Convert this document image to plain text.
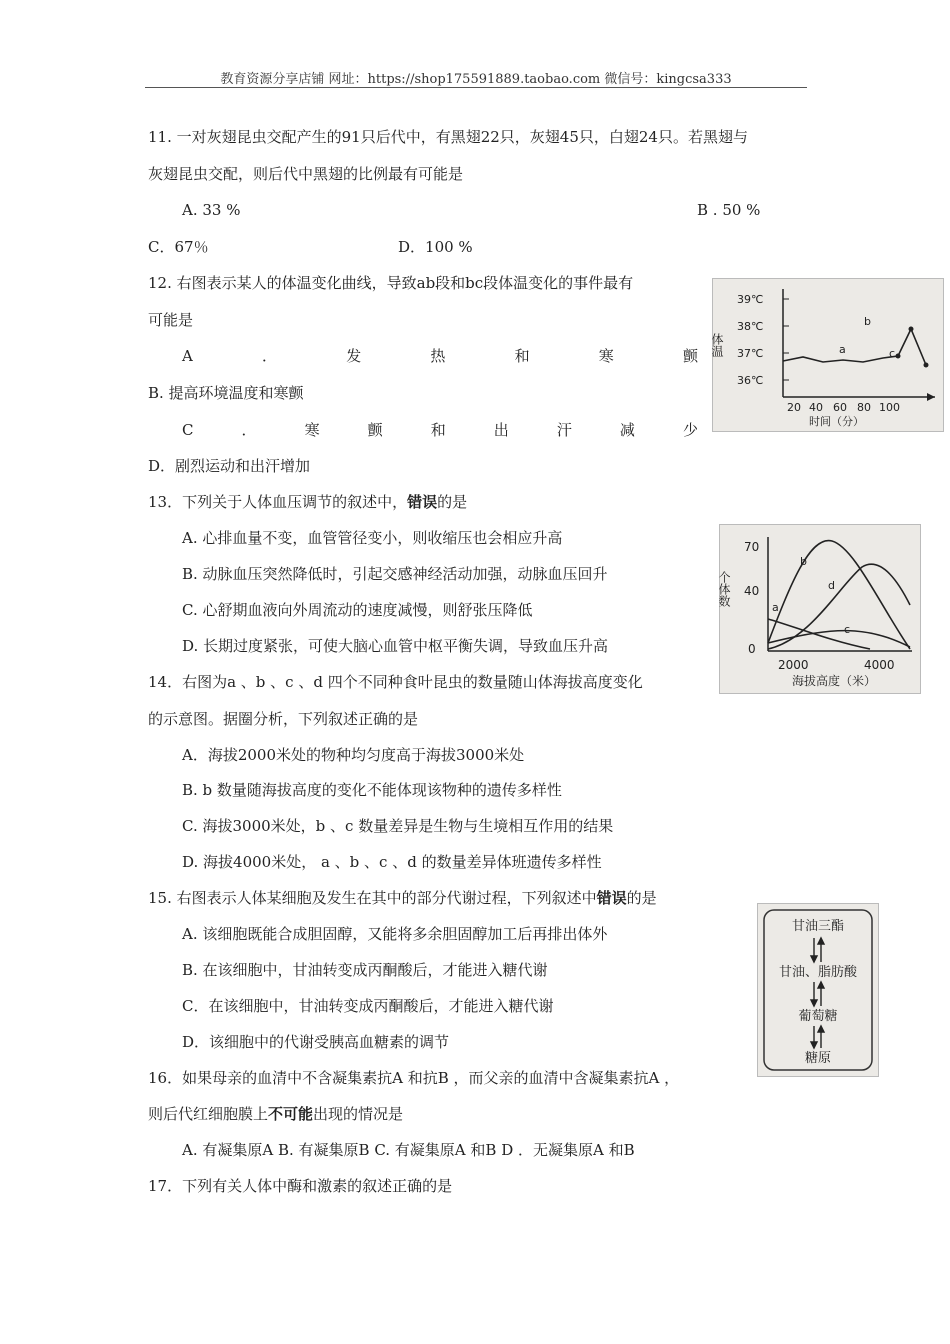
教育资源分享店铺 网址：https://shop175591889.taobao.com 微信号：kingcsa333
11. 一对灰翅昆虫交配产生的91只后代中，有黑翅22只，灰翅45只，白翅24只。若黑翅与
灰翅昆虫交配，则后代中黑翅的比例最有可能是
A. 33 %	B . 50 %
C．67％	D．100 %
12. 右图表示某人的体温变化曲线，导致ab段和bc段体温变化的事件最有
可能是
A	．	发	热	和	寒	颤
B. 提高环境温度和寒颤
C	．	寒	颤	和	出	汗	减	少
D．剧烈运动和出汗增加
39℃
38℃
37℃
36℃
体温	a
b
c
20 40 60 80 100
时间（分）
13．下列关于人体血压调节的叙述中，错误的是
A. 心排血量不变，血管管径变小，则收缩压也会相应升高
B. 动脉血压突然降低时，引起交感神经活动加强，动脉血压回升
C. 心舒期血液向外周流动的速度减慢，则舒张压降低
D. 长期过度紧张，可使大脑心血管中枢平衡失调，导致血压升高
70
40
0
个体数
a
b
c
d
2000	4000
海拔高度（米）
14．右图为a 、b 、c 、d 四个不同种食叶昆虫的数量随山体海拔高度变化
的示意图。据圈分析，下列叙述正确的是
A．海拔2000米处的物种均匀度高于海拔3000米处
B. b 数量随海拔高度的变化不能体现该物种的遗传多样性
C. 海拔3000米处，b 、c 数量差异是生物与生境相互作用的结果
D. 海拔4000米处， a 、b 、c 、d 的数量差异体班遗传多样性
15. 右图表示人体某细胞及发生在其中的部分代谢过程，下列叙述中错误的是
A. 该细胞既能合成胆固醇，又能将多余胆固醇加工后再排出体外
B. 在该细胞中，甘油转变成丙酮酸后，才能进入糖代谢
C．在该细胞中，甘油转变成丙酮酸后，才能进入糖代谢
D．该细胞中的代谢受胰高血糖素的调节
甘油三酯
甘油、脂肪酸
葡萄糖
糖原
16．如果母亲的血清中不含凝集素抗A 和抗B ，而父亲的血清中含凝集素抗A ，
则后代红细胞膜上不可能出现的情况是
A. 有凝集原A B. 有凝集原B C. 有凝集原A 和B D ．无凝集原A 和B
17．下列有关人体中酶和激素的叙述正确的是
